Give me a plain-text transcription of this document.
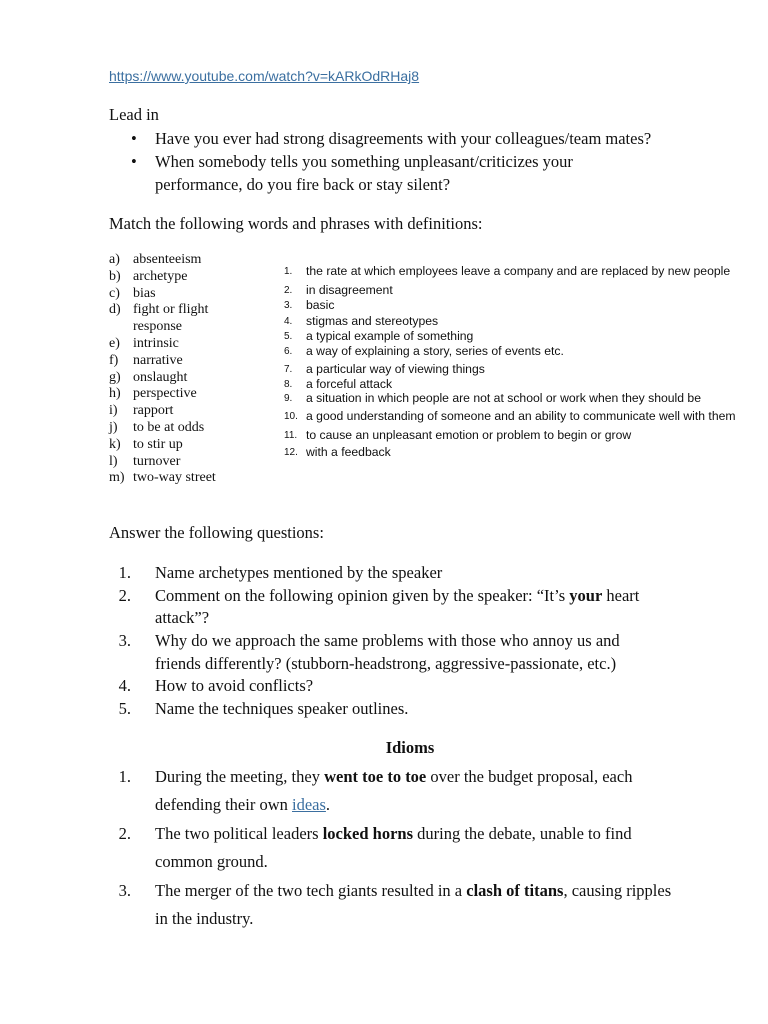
https://www.youtube.com/watch?v=kARkOdRHaj8
Lead in
• Have you ever had strong disagreements with your colleagues/team mates?
• When somebody tells you something unpleasant/criticizes your
performance, do you fire back or stay silent?
Match the following words and phrases with definitions:
a) absenteeism
b) archetype
c) bias
d) fight or flight
response
e) intrinsic
f) narrative
g) onslaught
h) perspective
i) rapport
j) to be at odds
k) to stir up
l) turnover
m) two-way street
1. the rate at which employees leave a company and are replaced by new people
2. in disagreement
3. basic
4. stigmas and stereotypes
5. a typical example of something
6. a way of explaining a story, series of events etc.
7. a particular way of viewing things
8. a forceful attack
9. a situation in which people are not at school or work when they should be
10. a good understanding of someone and an ability to communicate well with them
11. to cause an unpleasant emotion or problem to begin or grow
12. with a feedback
Answer the following questions:
1. Name archetypes mentioned by the speaker
2. Comment on the following opinion given by the speaker: “It’s your heart
attack”?
3. Why do we approach the same problems with those who annoy us and
friends differently? (stubborn-headstrong, aggressive-passionate, etc.)
4. How to avoid conflicts?
5. Name the techniques speaker outlines.
Idioms
1. During the meeting, they went toe to toe over the budget proposal, each
defending their own ideas.
2. The two political leaders locked horns during the debate, unable to find
common ground.
3. The merger of the two tech giants resulted in a clash of titans, causing ripples
in the industry.
